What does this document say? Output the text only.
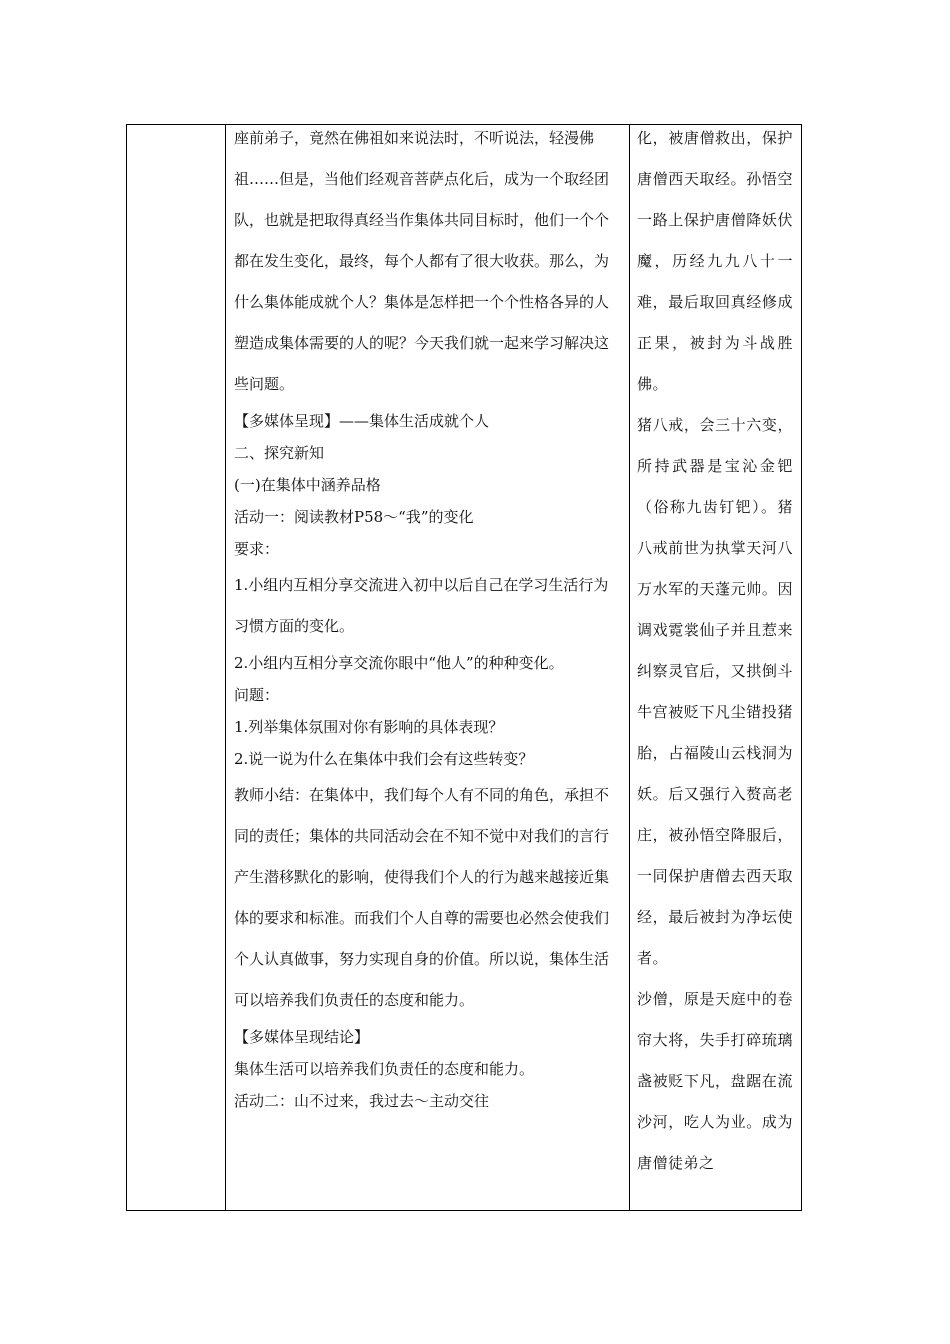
座前弟子，竟然在佛祖如来说法时，不听说法，轻漫佛祖……但是，当他们经观音菩萨点化后，成为一个取经团队，也就是把取得真经当作集体共同目标时，他们一个个都在发生变化，最终，每个人都有了很大收获。那么，为什么集体能成就个人？集体是怎样把一个个性格各异的人塑造成集体需要的人的呢？今天我们就一起来学习解决这些问题。

【多媒体呈现】——集体生活成就个人

二、探究新知

(一)在集体中涵养品格

活动一：阅读教材P58～“我”的变化

要求：

1.小组内互相分享交流进入初中以后自己在学习生活行为习惯方面的变化。

2.小组内互相分享交流你眼中“他人”的种种变化。

问题：

1.列举集体氛围对你有影响的具体表现？

2.说一说为什么在集体中我们会有这些转变？

教师小结：在集体中，我们每个人有不同的角色，承担不同的责任；集体的共同活动会在不知不觉中对我们的言行产生潜移默化的影响，使得我们个人的行为越来越接近集体的要求和标准。而我们个人自尊的需要也必然会使我们个人认真做事，努力实现自身的价值。所以说，集体生活可以培养我们负责任的态度和能力。

【多媒体呈现结论】

集体生活可以培养我们负责任的态度和能力。

活动二：山不过来，我过去～主动交往

化，被唐僧救出，保护唐僧西天取经。孙悟空一路上保护唐僧降妖伏魔，历经九九八十一难，最后取回真经修成正果，被封为斗战胜佛。

猪八戒，会三十六变，所持武器是宝沁金钯（俗称九齿钉钯）。猪八戒前世为执掌天河八万水军的天蓬元帅。因调戏霓裳仙子并且惹来纠察灵官后，又拱倒斗牛宫被贬下凡尘错投猪胎，占福陵山云栈洞为妖。后又强行入赘高老庄，被孙悟空降服后，一同保护唐僧去西天取经，最后被封为净坛使者。

沙僧，原是天庭中的卷帘大将，失手打碎琉璃盏被贬下凡，盘踞在流沙河，吃人为业。成为唐僧徒弟之
